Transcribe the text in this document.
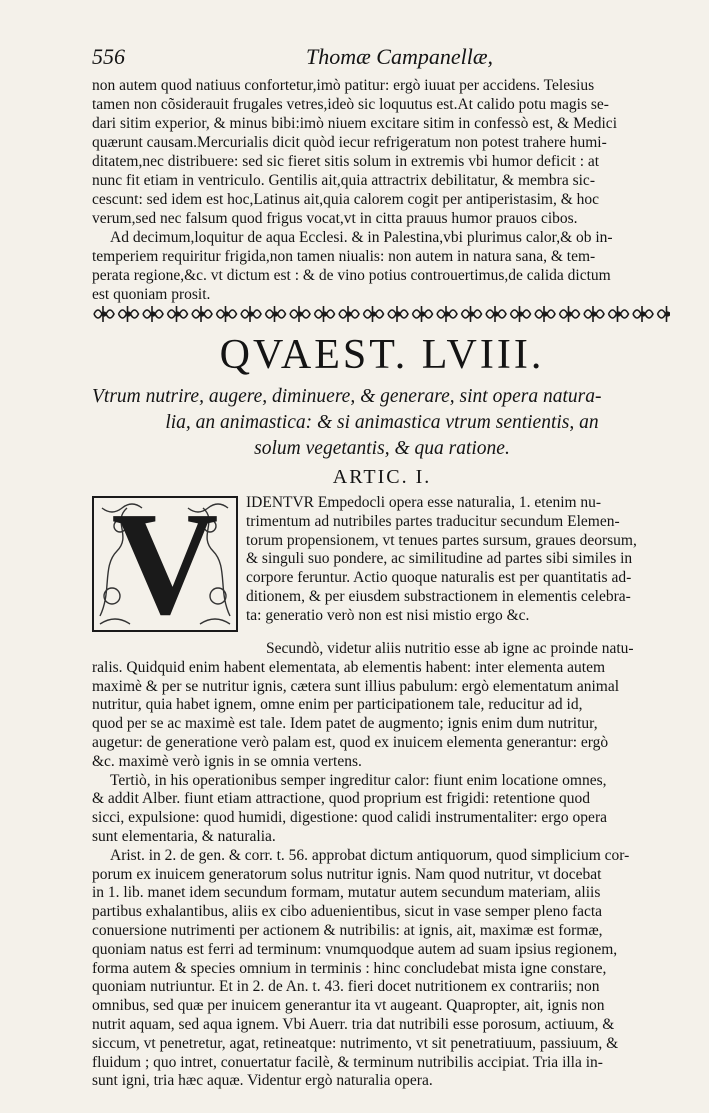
556	Thomæ Campanellæ,

non autem quod natiuus confortetur,imò patitur: ergò iuuat per accidens. Telesius

tamen non cõsiderauit frugales vetres,ideò sic loquutus est.At calido potu magis se-

dari sitim experior, & minus bibi:imò niuem excitare sitim in confessò est, & Medici

quærunt causam.Mercurialis dicit quòd iecur refrigeratum non potest trahere humi-

ditatem,nec distribuere: sed sic fieret sitis solum in extremis vbi humor deficit : at

nunc fit etiam in ventriculo. Gentilis ait,quia attractrix debilitatur, & membra sic-

cescunt: sed idem est hoc,Latinus ait,quia calorem cogit per antiperistasim, & hoc

verum,sed nec falsum quod frigus vocat,vt in citta prauus humor prauos cibos.

Ad decimum,loquitur de aqua Ecclesi. & in Palestina,vbi plurimus calor,& ob in-

temperiem requiritur frigida,non tamen niualis: non autem in natura sana, & tem-

perata regione,&c. vt dictum est : & de vino potius controuertimus,de calida dictum

est quoniam prosit.

QVAEST. LVIII.

Vtrum nutrire, augere, diminuere, & generare, sint opera natura-

lia, an animastica: & si animastica vtrum sentientis, an

solum vegetantis, & qua ratione.

ARTIC. I.
V	IDENTVR Empedocli opera esse naturalia, 1. etenim nu-

trimentum ad nutribiles partes traducitur secundum Elemen-

torum propensionem, vt tenues partes sursum, graues deorsum,

& singuli suo pondere, ac similitudine ad partes sibi similes in

corpore feruntur. Actio quoque naturalis est per quantitatis ad-

ditionem, & per eiusdem substractionem in elementis celebra-

ta: generatio verò non est nisi mistio ergo &c.

Secundò, videtur aliis nutritio esse ab igne ac proinde natu-

ralis. Quidquid enim habent elementata, ab elementis habent: inter elementa autem

maximè & per se nutritur ignis, cætera sunt illius pabulum: ergò elementatum animal

nutritur, quia habet ignem, omne enim per participationem tale, reducitur ad id,

quod per se ac maximè est tale. Idem patet de augmento; ignis enim dum nutritur,

augetur: de generatione verò palam est, quod ex inuicem elementa generantur: ergò

&c. maximè verò ignis in se omnia vertens.

Tertiò, in his operationibus semper ingreditur calor: fiunt enim locatione omnes,

& addit Alber. fiunt etiam attractione, quod proprium est frigidi: retentione quod

sicci, expulsione: quod humidi, digestione: quod calidi instrumentaliter: ergo opera

sunt elementaria, & naturalia.

Arist. in 2. de gen. & corr. t. 56. approbat dictum antiquorum, quod simplicium cor-

porum ex inuicem generatorum solus nutritur ignis. Nam quod nutritur, vt docebat

in 1. lib. manet idem secundum formam, mutatur autem secundum materiam, aliis

partibus exhalantibus, aliis ex cibo aduenientibus, sicut in vase semper pleno facta

conuersione nutrimenti per actionem & nutribilis: at ignis, ait, maximæ est formæ,

quoniam natus est ferri ad terminum: vnumquodque autem ad suam ipsius regionem,

forma autem & species omnium in terminis : hinc concludebat mista igne constare,

quoniam nutriuntur. Et in 2. de An. t. 43. fieri docet nutritionem ex contrariis; non

omnibus, sed quæ per inuicem generantur ita vt augeant. Quapropter, ait, ignis non

nutrit aquam, sed aqua ignem. Vbi Auerr. tria dat nutribili esse porosum, actiuum, &

siccum, vt penetretur, agat, retineatque: nutrimento, vt sit penetratiuum, passiuum, &

fluidum ; quo intret, conuertatur facilè, & terminum nutribilis accipiat. Tria illa in-

sunt igni, tria hæc aquæ. Videntur ergò naturalia opera.
